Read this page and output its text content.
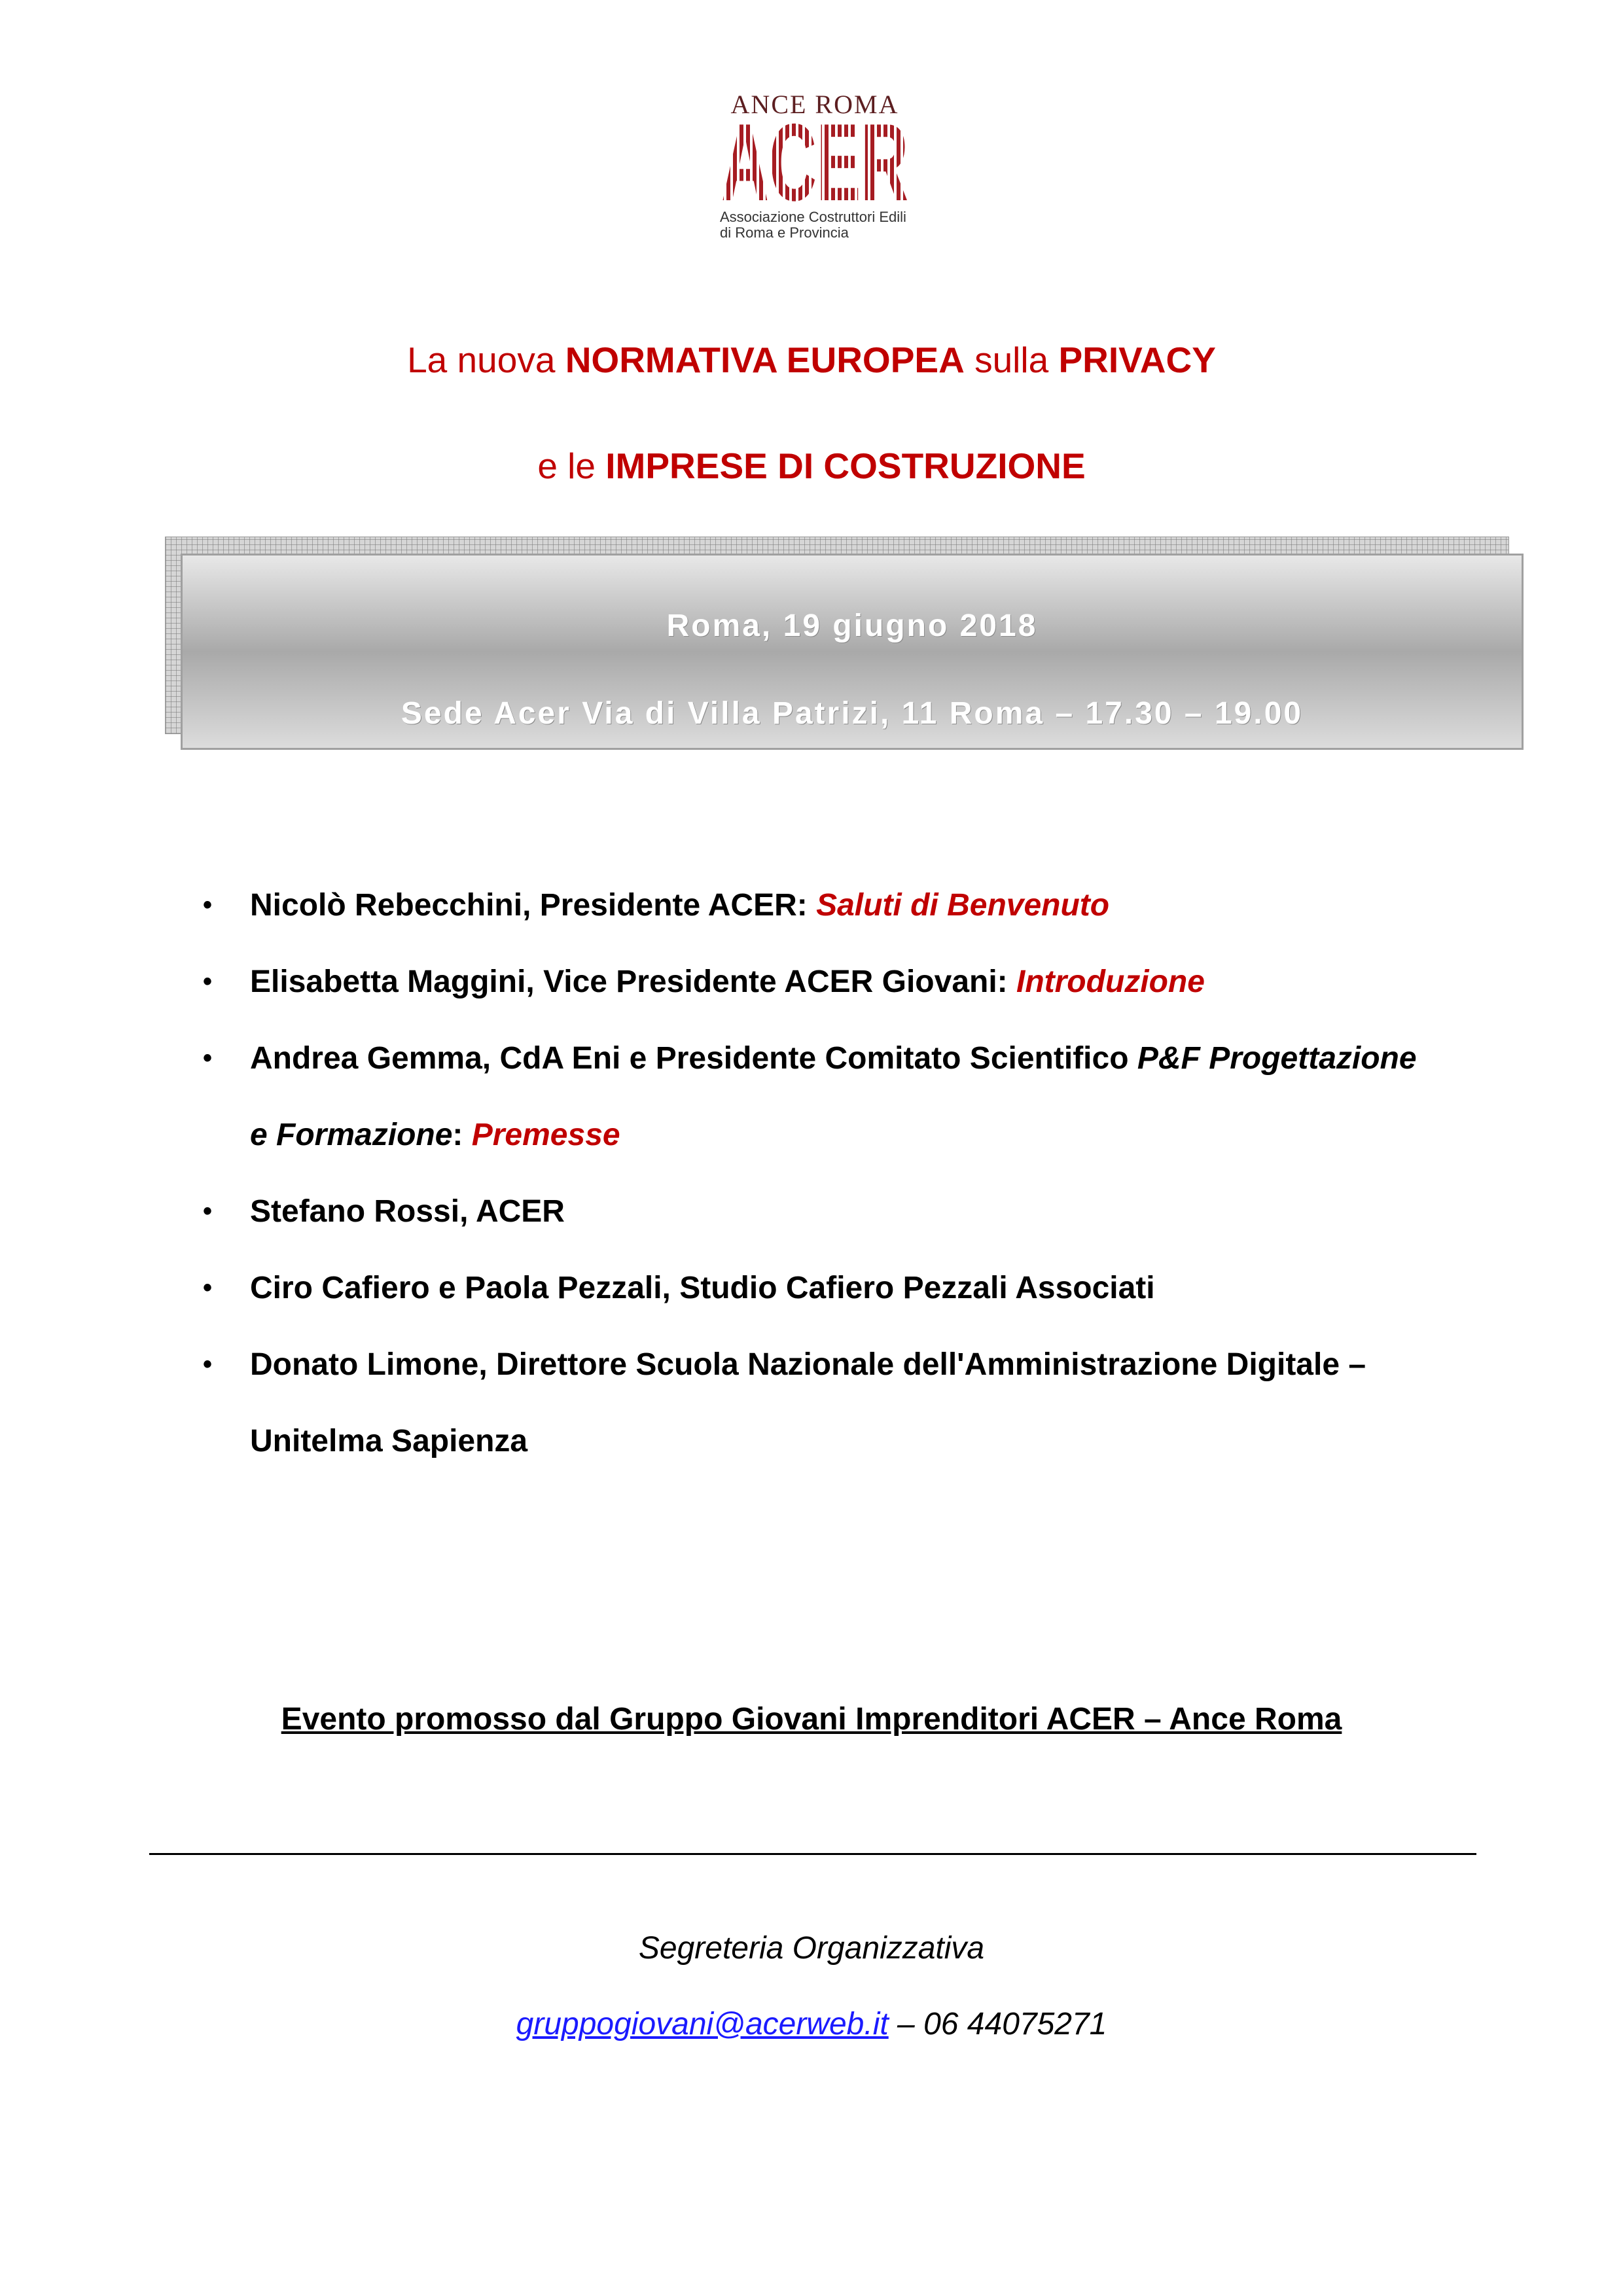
ANCE ROMA
ACER
Associazione Costruttori Edili
di Roma e Provincia
La nuova NORMATIVA EUROPEA sulla PRIVACY
e le IMPRESE DI COSTRUZIONE
Roma, 19 giugno 2018
Sede Acer Via di Villa Patrizi, 11 Roma – 17.30 – 19.00
• Nicolò Rebecchini, Presidente ACER: Saluti di Benvenuto
• Elisabetta Maggini, Vice Presidente ACER Giovani: Introduzione
• Andrea Gemma, CdA Eni e Presidente Comitato Scientifico P&F Progettazione
e Formazione: Premesse
• Stefano Rossi, ACER
• Ciro Cafiero e Paola Pezzali, Studio Cafiero Pezzali Associati
• Donato Limone, Direttore Scuola Nazionale dell'Amministrazione Digitale –
Unitelma Sapienza
Evento promosso dal Gruppo Giovani Imprenditori ACER – Ance Roma
Segreteria Organizzativa
gruppogiovani@acerweb.it – 06 44075271
